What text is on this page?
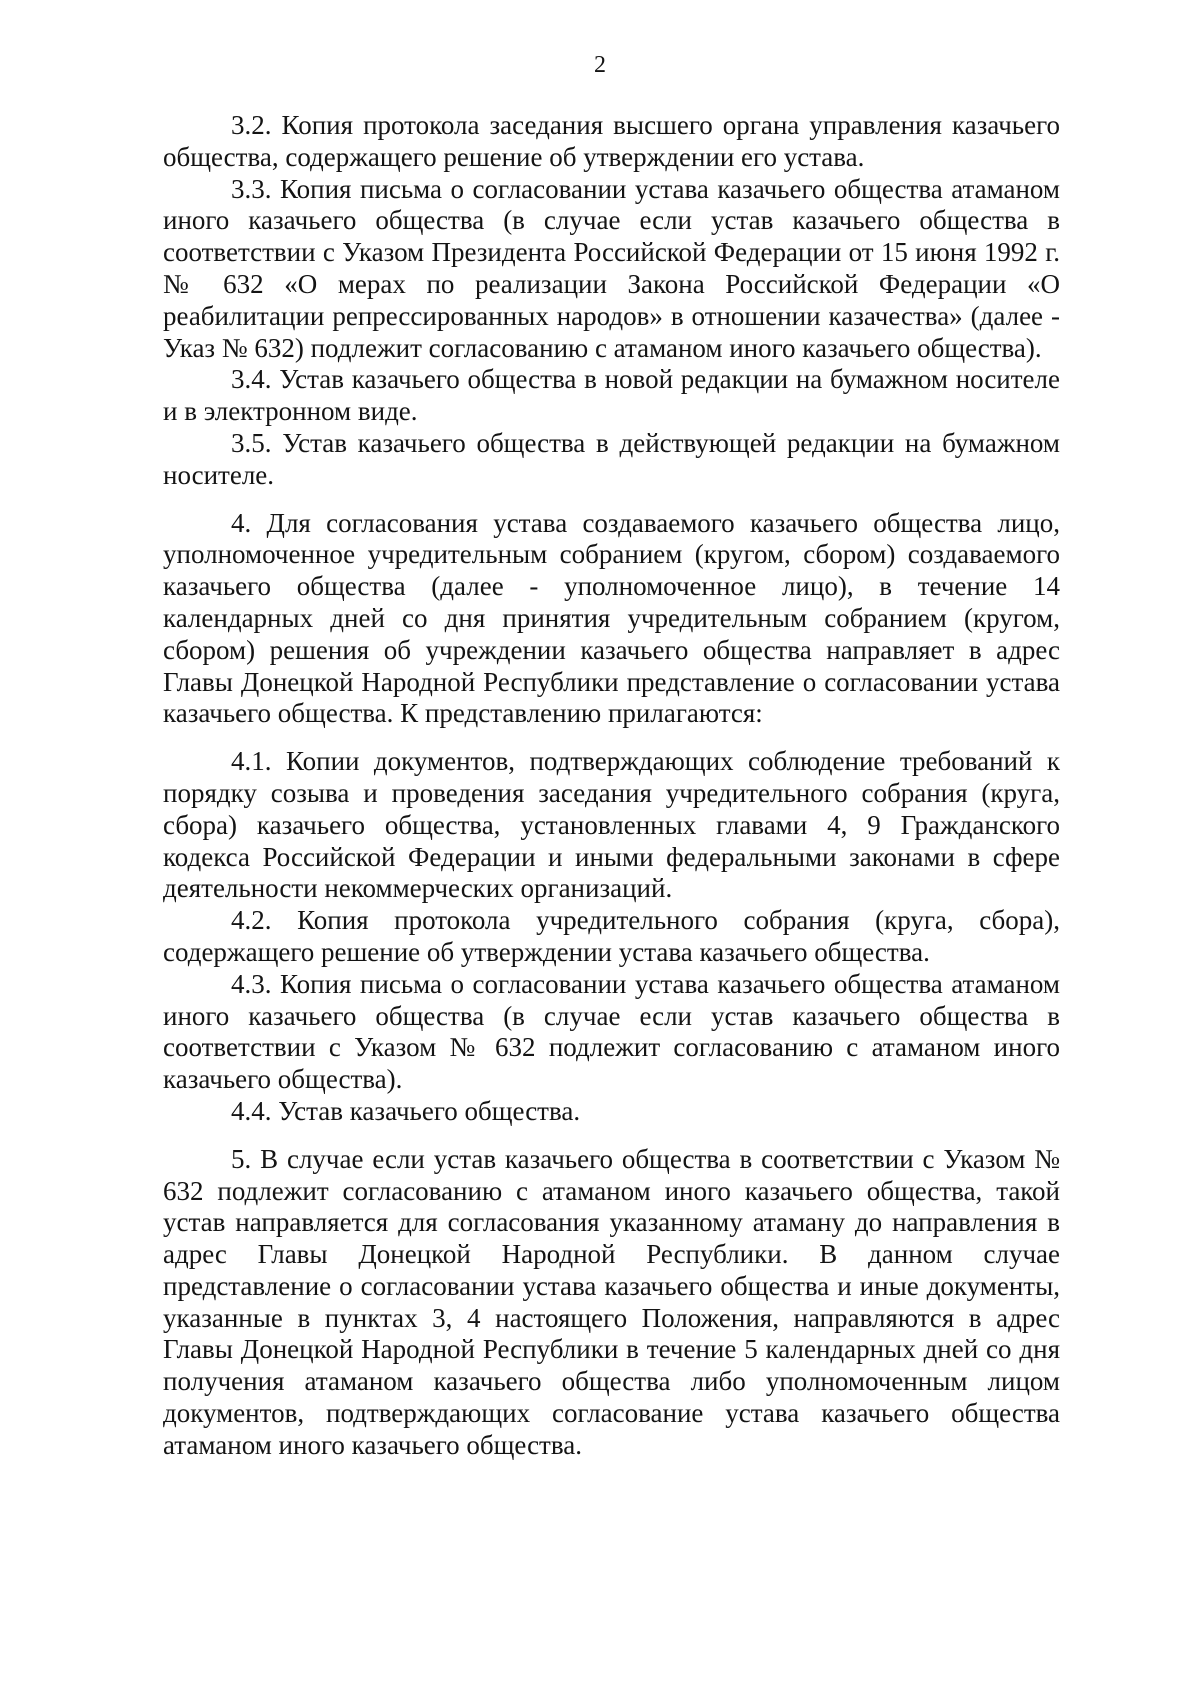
2

3.2. Копия протокола заседания высшего органа управления казачьего общества, содержащего решение об утверждении его устава.

3.3. Копия письма о согласовании устава казачьего общества атаманом иного казачьего общества (в случае если устав казачьего общества в соответствии с Указом Президента Российской Федерации от 15 июня 1992 г. № 632 «О мерах по реализации Закона Российской Федерации «О реабилитации репрессированных народов» в отношении казачества» (далее - Указ № 632) подлежит согласованию с атаманом иного казачьего общества).

3.4. Устав казачьего общества в новой редакции на бумажном носителе и в электронном виде.

3.5. Устав казачьего общества в действующей редакции на бумажном носителе.

4. Для согласования устава создаваемого казачьего общества лицо, уполномоченное учредительным собранием (кругом, сбором) создаваемого казачьего общества (далее - уполномоченное лицо), в течение 14 календарных дней со дня принятия учредительным собранием (кругом, сбором) решения об учреждении казачьего общества направляет в адрес Главы Донецкой Народной Республики представление о согласовании устава казачьего общества. К представлению прилагаются:

4.1. Копии документов, подтверждающих соблюдение требований к порядку созыва и проведения заседания учредительного собрания (круга, сбора) казачьего общества, установленных главами 4, 9 Гражданского кодекса Российской Федерации и иными федеральными законами в сфере деятельности некоммерческих организаций.

4.2. Копия протокола учредительного собрания (круга, сбора), содержащего решение об утверждении устава казачьего общества.

4.3. Копия письма о согласовании устава казачьего общества атаманом иного казачьего общества (в случае если устав казачьего общества в соответствии с Указом № 632 подлежит согласованию с атаманом иного казачьего общества).

4.4. Устав казачьего общества.

5. В случае если устав казачьего общества в соответствии с Указом № 632 подлежит согласованию с атаманом иного казачьего общества, такой устав направляется для согласования указанному атаману до направления в адрес Главы Донецкой Народной Республики. В данном случае представление о согласовании устава казачьего общества и иные документы, указанные в пунктах 3, 4 настоящего Положения, направляются в адрес Главы Донецкой Народной Республики в течение 5 календарных дней со дня получения атаманом казачьего общества либо уполномоченным лицом документов, подтверждающих согласование устава казачьего общества атаманом иного казачьего общества.
